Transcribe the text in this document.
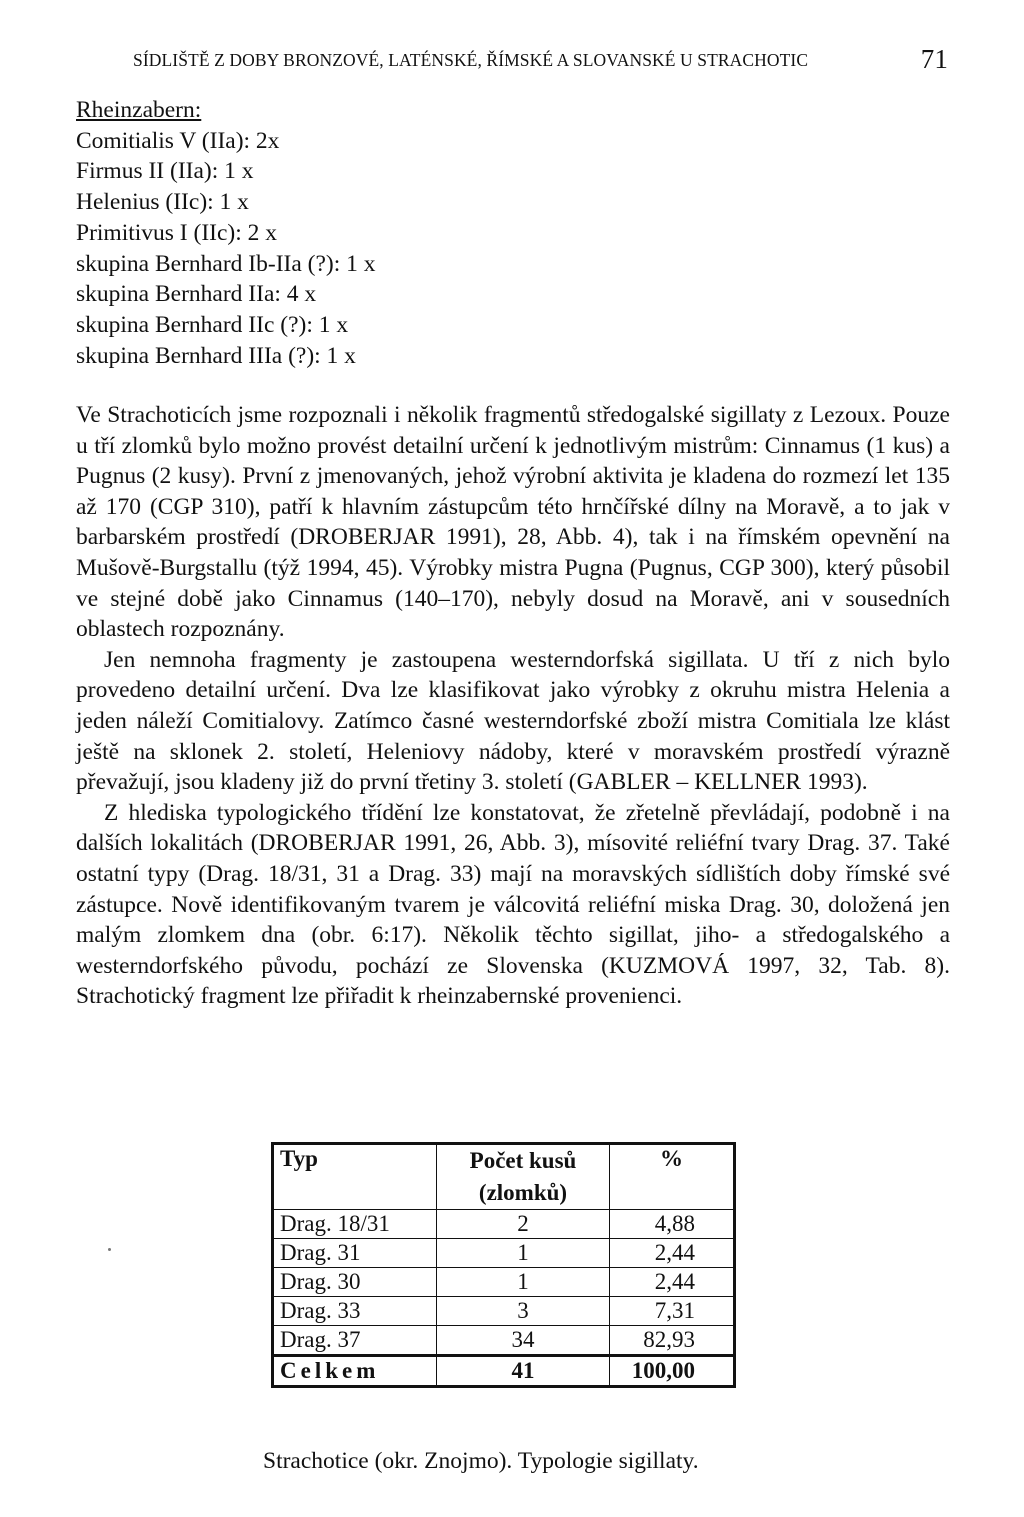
SÍDLIŠTĚ Z DOBY BRONZOVÉ, LATÉNSKÉ, ŘÍMSKÉ A SLOVANSKÉ U STRACHOTIC	71
Rheinzabern:
Comitialis V (IIa): 2x
Firmus II (IIa): 1 x
Helenius (IIc): 1 x
Primitivus I (IIc): 2 x
skupina Bernhard Ib-IIa (?): 1 x
skupina Bernhard IIa: 4 x
skupina Bernhard IIc (?): 1 x
skupina Bernhard IIIa (?): 1 x

Ve Strachoticích jsme rozpoznali i několik fragmentů středogalské sigillaty z Lezoux. Pouze u tří zlomků bylo možno provést detailní určení k jednotlivým mistrům: Cinnamus (1 kus) a Pugnus (2 kusy). První z jmenovaných, jehož výrobní aktivita je kladena do rozmezí let 135 až 170 (CGP 310), patří k hlavním zástupcům této hrnčířské dílny na Moravě, a to jak v barbarském prostředí (DROBERJAR 1991), 28, Abb. 4), tak i na římském opevnění na Mušově-Burgstallu (týž 1994, 45). Výrobky mistra Pugna (Pugnus, CGP 300), který působil ve stejné době jako Cinnamus (140–170), nebyly dosud na Moravě, ani v sousedních oblastech rozpoznány.

Jen nemnoha fragmenty je zastoupena westerndorfská sigillata. U tří z nich bylo provedeno detailní určení. Dva lze klasifikovat jako výrobky z okruhu mistra Helenia a jeden náleží Comitialovy. Zatímco časné westerndorfské zboží mistra Comitiala lze klást ještě na sklonek 2. století, Heleniovy nádoby, které v moravském prostředí výrazně převažují, jsou kladeny již do první třetiny 3. století (GABLER – KELLNER 1993).

Z hlediska typologického třídění lze konstatovat, že zřetelně převládají, podobně i na dalších lokalitách (DROBERJAR 1991, 26, Abb. 3), mísovité reliéfní tvary Drag. 37. Také ostatní typy (Drag. 18/31, 31 a Drag. 33) mají na moravských sídlištích doby římské své zástupce. Nově identifikovaným tvarem je válcovitá reliéfní miska Drag. 30, doložená jen malým zlomkem dna (obr. 6:17). Několik těchto sigillat, jiho- a středogalského a westerndorfského původu, pochází ze Slovenska (KUZMOVÁ 1997, 32, Tab. 8). Strachotický fragment lze přiřadit k rheinzabernské provenienci.

Typ	Počet kusů (zlomků)	%
Drag. 18/31	2	4,88
Drag. 31	1	2,44
Drag. 30	1	2,44
Drag. 33	3	7,31
Drag. 37	34	82,93
Celkem	41	100,00
Strachotice (okr. Znojmo). Typologie sigillaty.
